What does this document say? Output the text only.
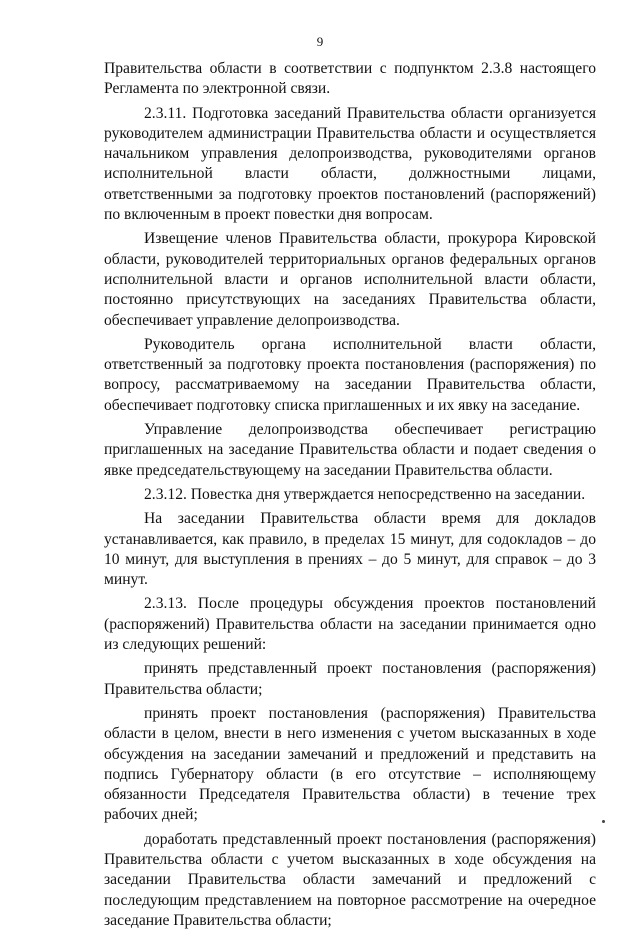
9

Правительства области в соответствии с подпунктом 2.3.8 настоящего Регламента по электронной связи.

2.3.11. Подготовка заседаний Правительства области организуется руководителем администрации Правительства области и осуществляется начальником управления делопроизводства, руководителями органов исполнительной власти области, должностными лицами, ответственными за подготовку проектов постановлений (распоряжений) по включенным в проект повестки дня вопросам.

Извещение членов Правительства области, прокурора Кировской области, руководителей территориальных органов федеральных органов исполнительной власти и органов исполнительной власти области, постоянно присутствующих на заседаниях Правительства области, обеспечивает управление делопроизводства.

Руководитель органа исполнительной власти области, ответственный за подготовку проекта постановления (распоряжения) по вопросу, рассматриваемому на заседании Правительства области, обеспечивает подготовку списка приглашенных и их явку на заседание.

Управление делопроизводства обеспечивает регистрацию приглашенных на заседание Правительства области и подает сведения о явке председательствующему на заседании Правительства области.

2.3.12. Повестка дня утверждается непосредственно на заседании.

На заседании Правительства области время для докладов устанавливается, как правило, в пределах 15 минут, для содокладов – до 10 минут, для выступления в прениях – до 5 минут, для справок – до 3 минут.

2.3.13. После процедуры обсуждения проектов постановлений (распоряжений) Правительства области на заседании принимается одно из следующих решений:

принять представленный проект постановления (распоряжения) Правительства области;

принять проект постановления (распоряжения) Правительства области в целом, внести в него изменения с учетом высказанных в ходе обсуждения на заседании замечаний и предложений и представить на подпись Губернатору области (в его отсутствие – исполняющему обязанности Председателя Правительства области) в течение трех рабочих дней;

доработать представленный проект постановления (распоряжения) Правительства области с учетом высказанных в ходе обсуждения на заседании Правительства области замечаний и предложений с последующим представлением на повторное рассмотрение на очередное заседание Правительства области;
